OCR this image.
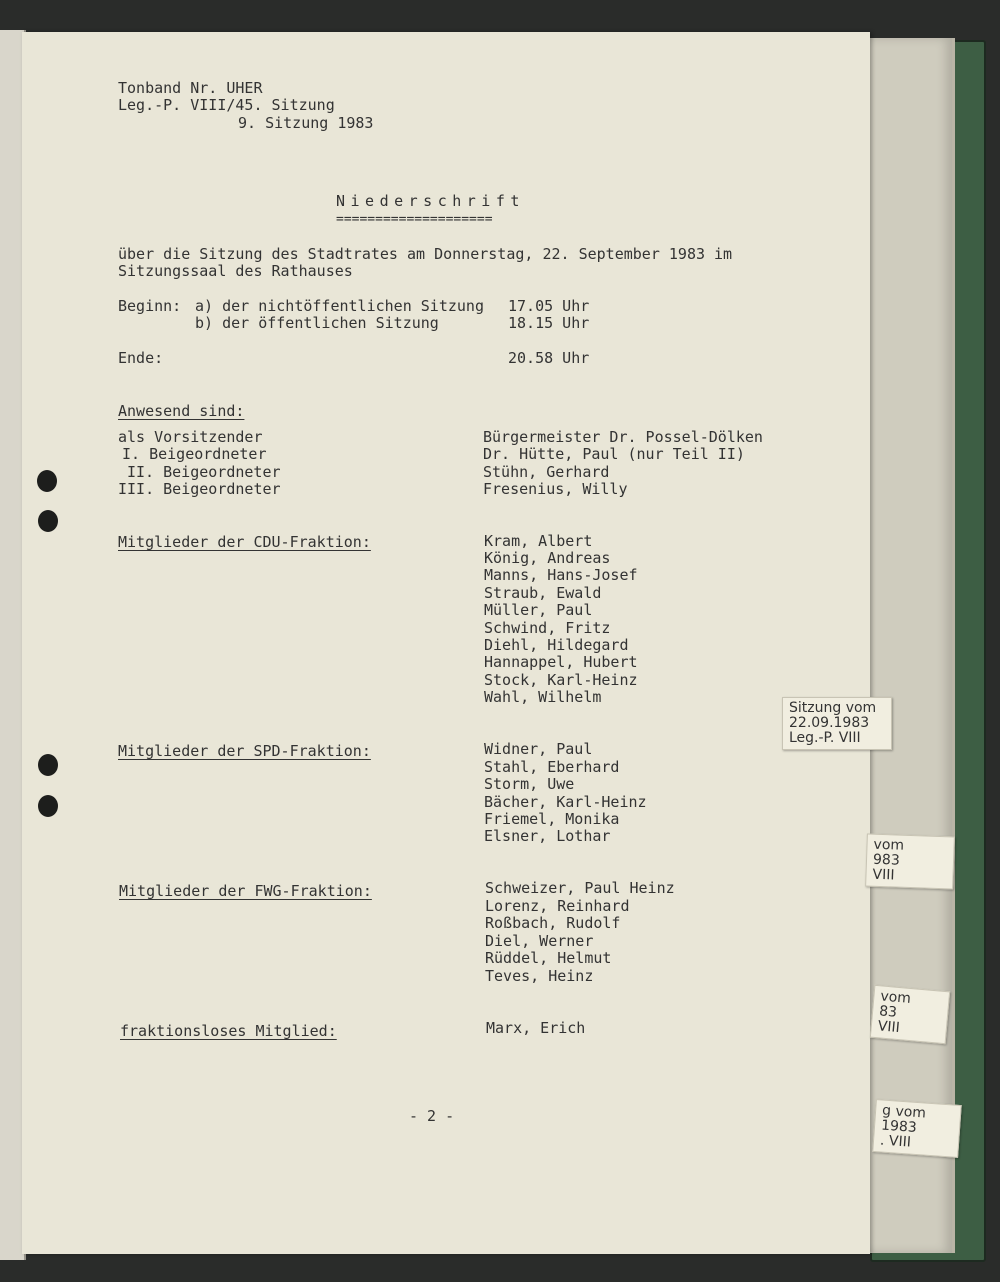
Tonband Nr. UHER
Leg.-P. VIII/45. Sitzung
9. Sitzung 1983
Niederschrift
====================
über die Sitzung des Stadtrates am Donnerstag, 22. September 1983 im
Sitzungssaal des Rathauses
Beginn: a) der nichtöffentlichen Sitzung 17.05 Uhr
b) der öffentlichen Sitzung	18.15 Uhr
Ende:	20.58 Uhr
Anwesend sind:
als Vorsitzender	Bürgermeister Dr. Possel-Dölken
I. Beigeordneter	Dr. Hütte, Paul (nur Teil II)
II. Beigeordneter	Stühn, Gerhard
III. Beigeordneter	Fresenius, Willy
Mitglieder der CDU-Fraktion:	Kram, Albert
König, Andreas
Manns, Hans-Josef
Straub, Ewald
Müller, Paul
Schwind, Fritz
Diehl, Hildegard
Hannappel, Hubert
Stock, Karl-Heinz
Wahl, Wilhelm
Mitglieder der SPD-Fraktion:	Widner, Paul
Stahl, Eberhard
Storm, Uwe
Bächer, Karl-Heinz
Friemel, Monika
Elsner, Lothar
Mitglieder der FWG-Fraktion:	Schweizer, Paul Heinz
Lorenz, Reinhard
Roßbach, Rudolf
Diel, Werner
Rüddel, Helmut
Teves, Heinz
fraktionsloses Mitglied:	Marx, Erich
- 2 -
Sitzung vom
22.09.1983
Leg.-P. VIII
vom
983
VIII
vom
83
VIII
g vom
1983
. VIII
